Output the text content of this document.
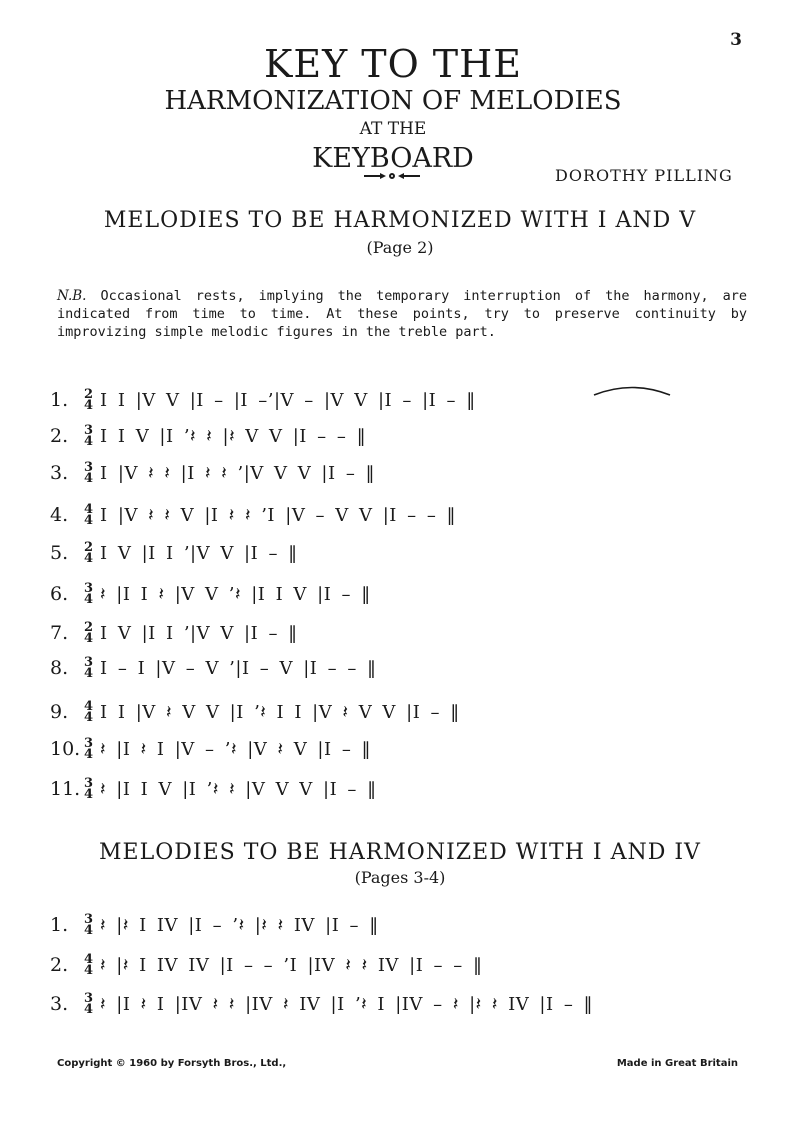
3
KEY TO THE
HARMONIZATION OF MELODIES
AT THE
KEYBOARD
DOROTHY PILLING
MELODIES TO BE HARMONIZED WITH I AND V
(Page 2)
N.B. Occasional rests, implying the temporary interruption of the harmony, are indicated from time to time. At these points, try to preserve continuity by improvizing simple melodic figures in the treble part.
1.	2
4 I I |V V |I – |I –’|V – |V V |I – |I – ‖
2.	3
4 I I V |I ’𝄽 𝄽 |𝄽 V V |I – – ‖
3.	3
4 I |V 𝄽 𝄽 |I 𝄽 𝄽 ’|V V V |I – ‖
4.	4
4 I |V 𝄽 𝄽 V |I 𝄽 𝄽 ’I |V – V V |I – – ‖
5.	2
4 I V |I I ’|V V |I – ‖
6.	3
4 𝄽 |I I 𝄽 |V V ’𝄽 |I I V |I – ‖
7.	2
4 I V |I I ’|V V |I – ‖
8.	3
4 I – I |V – V ’|I – V |I – – ‖
9.	4
4 I I |V 𝄽 V V |I ’𝄽 I I |V 𝄽 V V |I – ‖
10. 3
4 𝄽 |I 𝄽 I |V – ’𝄽 |V 𝄽 V |I – ‖
11. 3
4 𝄽 |I I V |I ’𝄽 𝄽 |V V V |I – ‖
MELODIES TO BE HARMONIZED WITH I AND IV
(Pages 3-4)
1.	3
4 𝄽 |𝄽 I IV |I – ’𝄽 |𝄽 𝄽 IV |I – ‖
2.	4
4 𝄽 |𝄽 I IV IV |I – – ’I |IV 𝄽 𝄽 IV |I – – ‖
3.	3
4 𝄽 |I 𝄽 I |IV 𝄽 𝄽 |IV 𝄽 IV |I ’𝄽 I |IV – 𝄽 |𝄽 𝄽 IV |I – ‖
Copyright © 1960 by Forsyth Bros., Ltd.,	Made in Great Britain
